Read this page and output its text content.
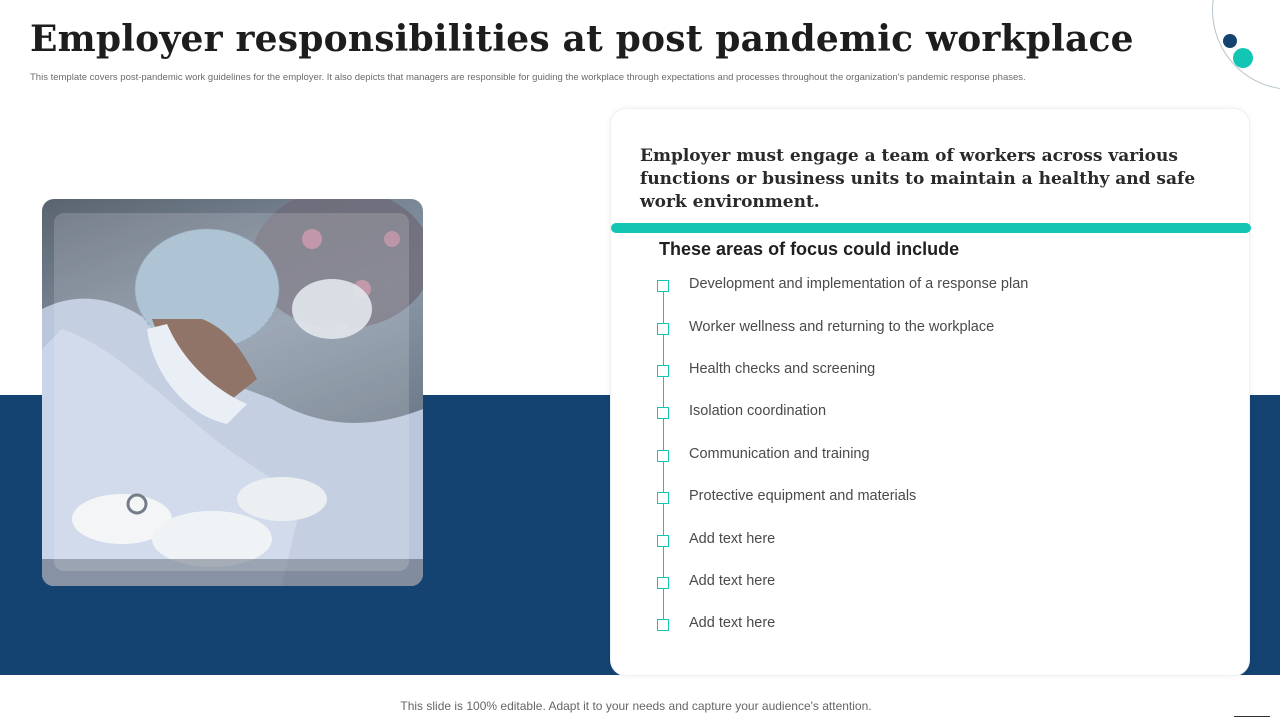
Employer responsibilities at post pandemic workplace

This template covers post-pandemic work guidelines for the employer. It also depicts that managers are responsible for guiding the workplace through expectations and processes throughout the organization's pandemic response phases.

Employer must engage a team of workers across various functions or business units to maintain a healthy and safe work environment.

These areas of focus could include
Development and implementation of a response plan
Worker wellness and returning to the workplace
Health checks and screening
Isolation coordination
Communication and training
Protective equipment and materials
Add text here
Add text here
Add text here

This slide is 100% editable. Adapt it to your needs and capture your audience's attention.
